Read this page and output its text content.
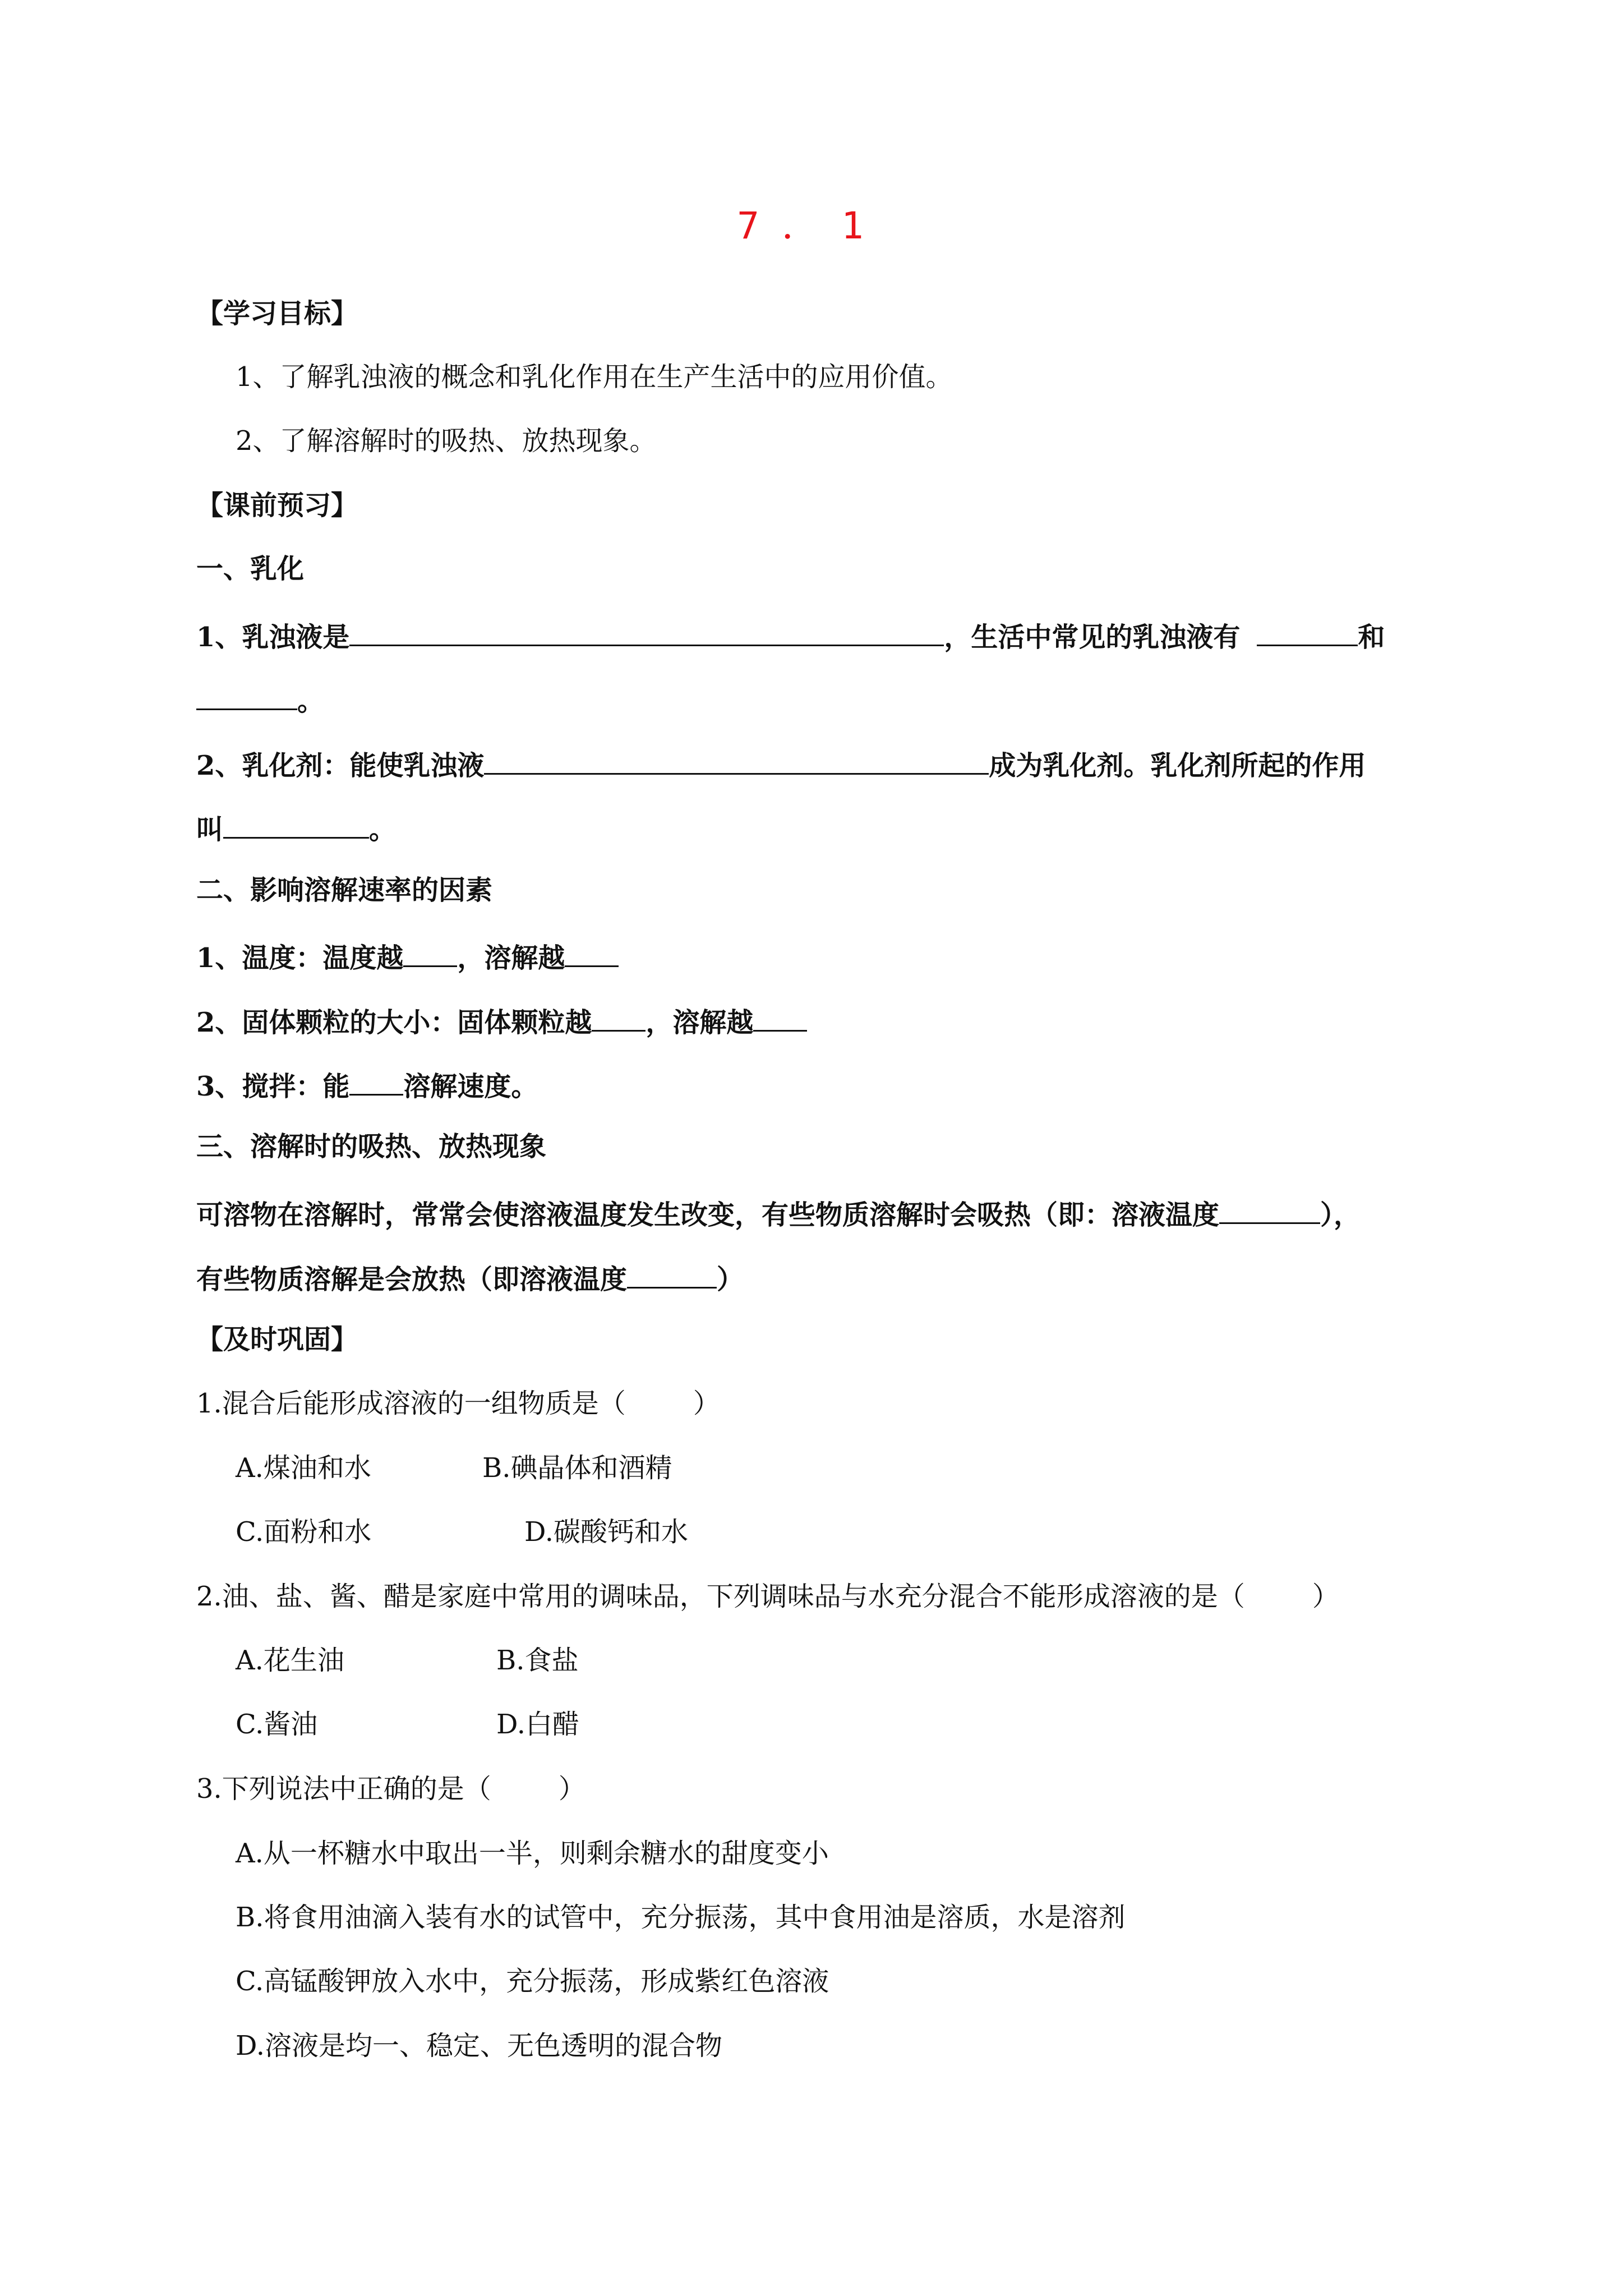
7．1
【学习目标】
1、了解乳浊液的概念和乳化作用在生产生活中的应用价值。
2、了解溶解时的吸热、放热现象。
【课前预习】
一、乳化
1、乳浊液是	，生活中常见的乳浊液有	和
。
2、乳化剂：能使乳浊液	成为乳化剂。乳化剂所起的作用
叫	。
二、影响溶解速率的因素
1、温度：温度越 ，溶解越
2、固体颗粒的大小：固体颗粒越 ，溶解越
3、搅拌：能 溶解速度。
三、溶解时的吸热、放热现象
可溶物在溶解时，常常会使溶液温度发生改变，有些物质溶解时会吸热（即：溶液温度	），
有些物质溶解是会放热（即溶液温度	）
【及时巩固】
1.混合后能形成溶液的一组物质是（	）
A.煤油和水	B.碘晶体和酒精
C.面粉和水	D.碳酸钙和水
2.油、盐、酱、醋是家庭中常用的调味品，下列调味品与水充分混合不能形成溶液的是（	）
A.花生油	B.食盐
C.酱油	D.白醋
3.下列说法中正确的是（	）
A.从一杯糖水中取出一半，则剩余糖水的甜度变小
B.将食用油滴入装有水的试管中，充分振荡，其中食用油是溶质，水是溶剂
C.高锰酸钾放入水中，充分振荡，形成紫红色溶液
D.溶液是均一、稳定、无色透明的混合物
